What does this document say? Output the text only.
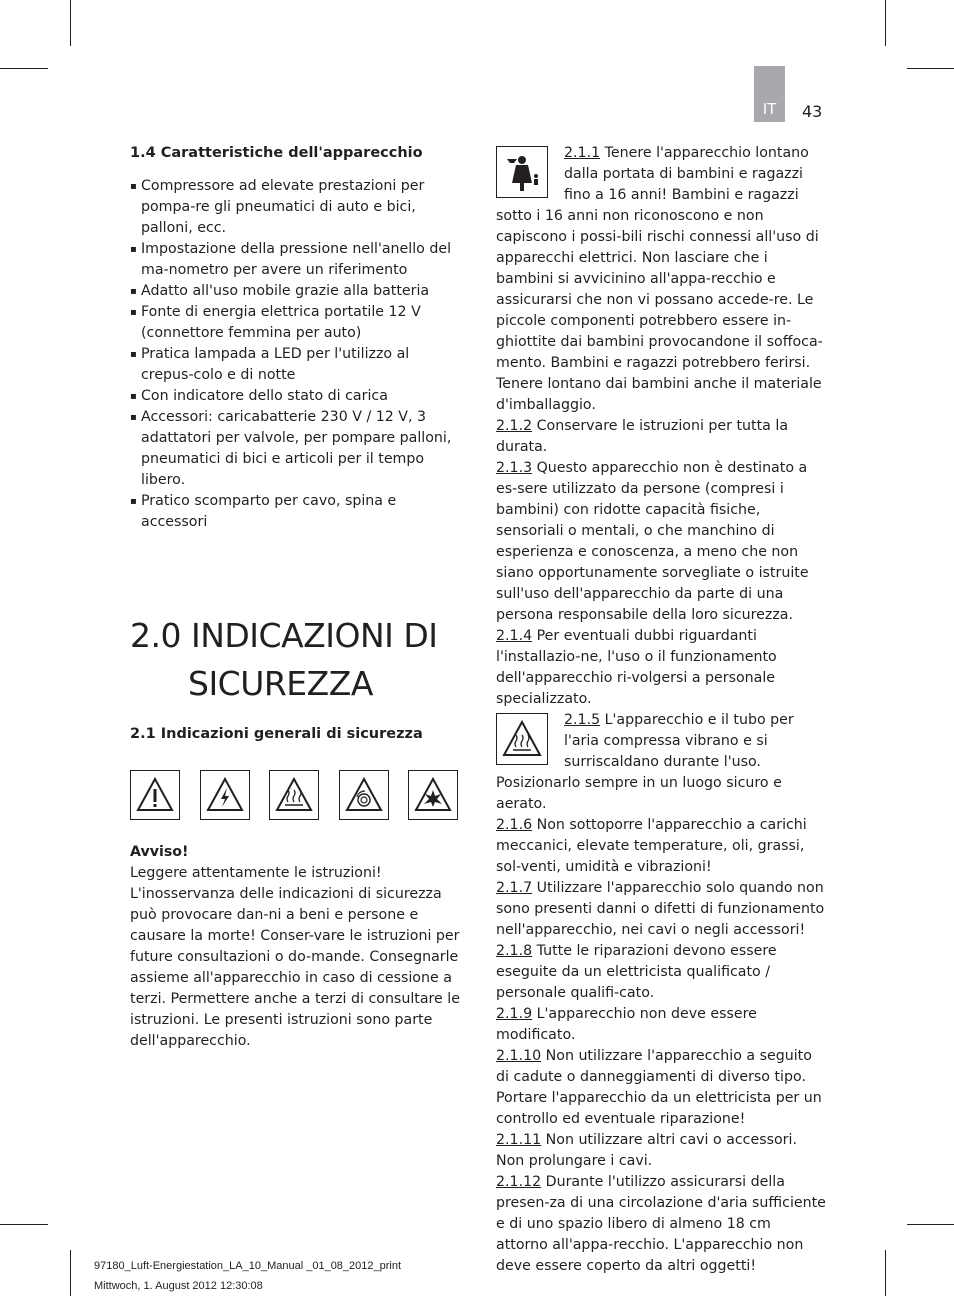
IT 43
1.4 Caratteristiche dell'apparecchio
▪ Compressore ad elevate prestazioni per pompa-re gli pneumatici di auto e bici, palloni, ecc.
▪ Impostazione della pressione nell'anello del ma-nometro per avere un riferimento
▪ Adatto all'uso mobile grazie alla batteria
▪ Fonte di energia elettrica portatile 12 V (connettore femmina per auto)
▪ Pratica lampada a LED per l'utilizzo al crepus-colo e di notte
▪ Con indicatore dello stato di carica
▪ Accessori: caricabatterie 230 V / 12 V, 3 adattatori per valvole, per pompare palloni, pneumatici di bici e articoli per il tempo libero.
▪ Pratico scomparto per cavo, spina e accessori
2.0 INDICAZIONI DI
SICUREZZA
2.1 Indicazioni generali di sicurezza
Avviso!
Leggere attentamente le istruzioni! L'inosservanza delle indicazioni di sicurezza può provocare dan-ni a beni e persone e causare la morte! Conser-vare le istruzioni per future consultazioni o do-mande. Consegnarle assieme all'apparecchio in caso di cessione a terzi. Permettere anche a terzi di consultare le istruzioni. Le presenti istruzioni sono parte dell'apparecchio.

2.1.1 Tenere l'apparecchio lontano dalla portata di bambini e ragazzi fino a 16 anni! Bambini e ragazzi sotto i 16 anni non riconoscono e non capiscono i possi-bili rischi connessi all'uso di apparecchi elettrici. Non lasciare che i bambini si avvicinino all'appa-recchio e assicurarsi che non vi possano accede-re. Le piccole componenti potrebbero essere in-ghiottite dai bambini provocandone il soffoca-mento. Bambini e ragazzi potrebbero ferirsi. Tenere lontano dai bambini anche il materiale d'imballaggio.

2.1.2 Conservare le istruzioni per tutta la durata.

2.1.3 Questo apparecchio non è destinato a es-sere utilizzato da persone (compresi i bambini) con ridotte capacità fisiche, sensoriali o mentali, o che manchino di esperienza e conoscenza, a meno che non siano opportunamente sorvegliate o istruite sull'uso dell'apparecchio da parte di una persona responsabile della loro sicurezza.

2.1.4 Per eventuali dubbi riguardanti l'installazio-ne, l'uso o il funzionamento dell'apparecchio ri-volgersi a personale specializzato.

2.1.5 L'apparecchio e il tubo per l'aria compressa vibrano e si surriscaldano durante l'uso. Posizionarlo sempre in un luogo sicuro e aerato.

2.1.6 Non sottoporre l'apparecchio a carichi meccanici, elevate temperature, oli, grassi, sol-venti, umidità e vibrazioni!

2.1.7 Utilizzare l'apparecchio solo quando non sono presenti danni o difetti di funzionamento nell'apparecchio, nei cavi o negli accessori!

2.1.8 Tutte le riparazioni devono essere eseguite da un elettricista qualificato / personale qualifi-cato.

2.1.9 L'apparecchio non deve essere modificato.

2.1.10 Non utilizzare l'apparecchio a seguito di cadute o danneggiamenti di diverso tipo. Portare l'apparecchio da un elettricista per un controllo ed eventuale riparazione!

2.1.11 Non utilizzare altri cavi o accessori. Non prolungare i cavi.

2.1.12 Durante l'utilizzo assicurarsi della presen-za di una circolazione d'aria sufficiente e di uno spazio libero di almeno 18 cm attorno all'appa-recchio. L'apparecchio non deve essere coperto da altri oggetti!

97180_Luft-Energiestation_LA_10_Manual _01_08_2012_print
Mittwoch, 1. August 2012 12:30:08
